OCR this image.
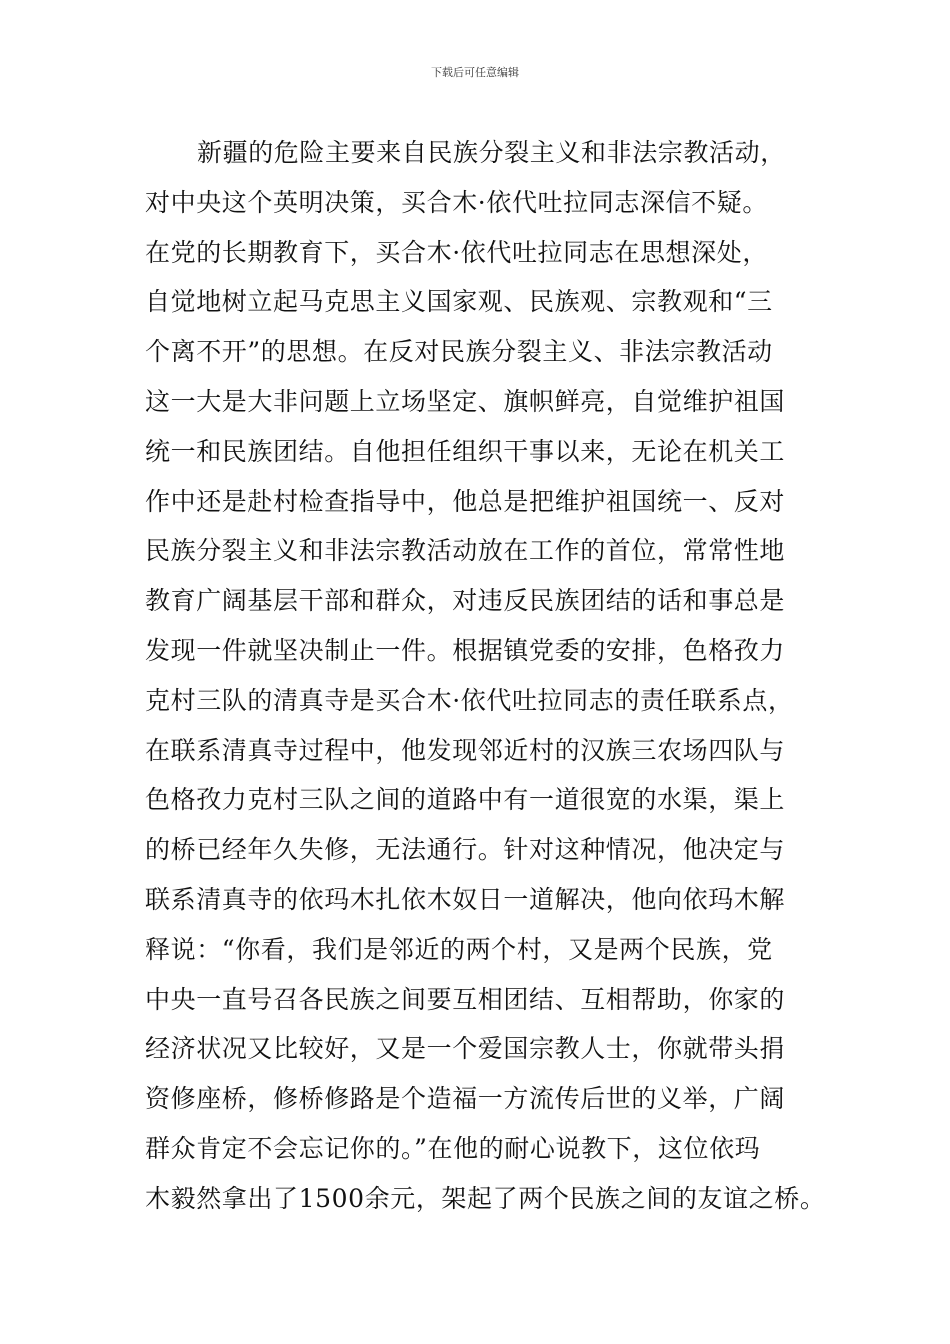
下载后可任意编辑
新疆的危险主要来自民族分裂主义和非法宗教活动，
对中央这个英明决策，买合木·依代吐拉同志深信不疑。
在党的长期教育下，买合木·依代吐拉同志在思想深处，
自觉地树立起马克思主义国家观、民族观、宗教观和“三
个离不开”的思想。在反对民族分裂主义、非法宗教活动
这一大是大非问题上立场坚定、旗帜鲜亮，自觉维护祖国
统一和民族团结。自他担任组织干事以来，无论在机关工
作中还是赴村检查指导中，他总是把维护祖国统一、反对
民族分裂主义和非法宗教活动放在工作的首位，常常性地
教育广阔基层干部和群众，对违反民族团结的话和事总是
发现一件就坚决制止一件。根据镇党委的安排，色格孜力
克村三队的清真寺是买合木·依代吐拉同志的责任联系点，
在联系清真寺过程中，他发现邻近村的汉族三农场四队与
色格孜力克村三队之间的道路中有一道很宽的水渠，渠上
的桥已经年久失修，无法通行。针对这种情况，他决定与
联系清真寺的依玛木扎依木奴日一道解决，他向依玛木解
释说：“你看，我们是邻近的两个村，又是两个民族，党
中央一直号召各民族之间要互相团结、互相帮助，你家的
经济状况又比较好，又是一个爱国宗教人士，你就带头捐
资修座桥，修桥修路是个造福一方流传后世的义举，广阔
群众肯定不会忘记你的。”在他的耐心说教下，这位依玛
木毅然拿出了1500余元，架起了两个民族之间的友谊之桥。
